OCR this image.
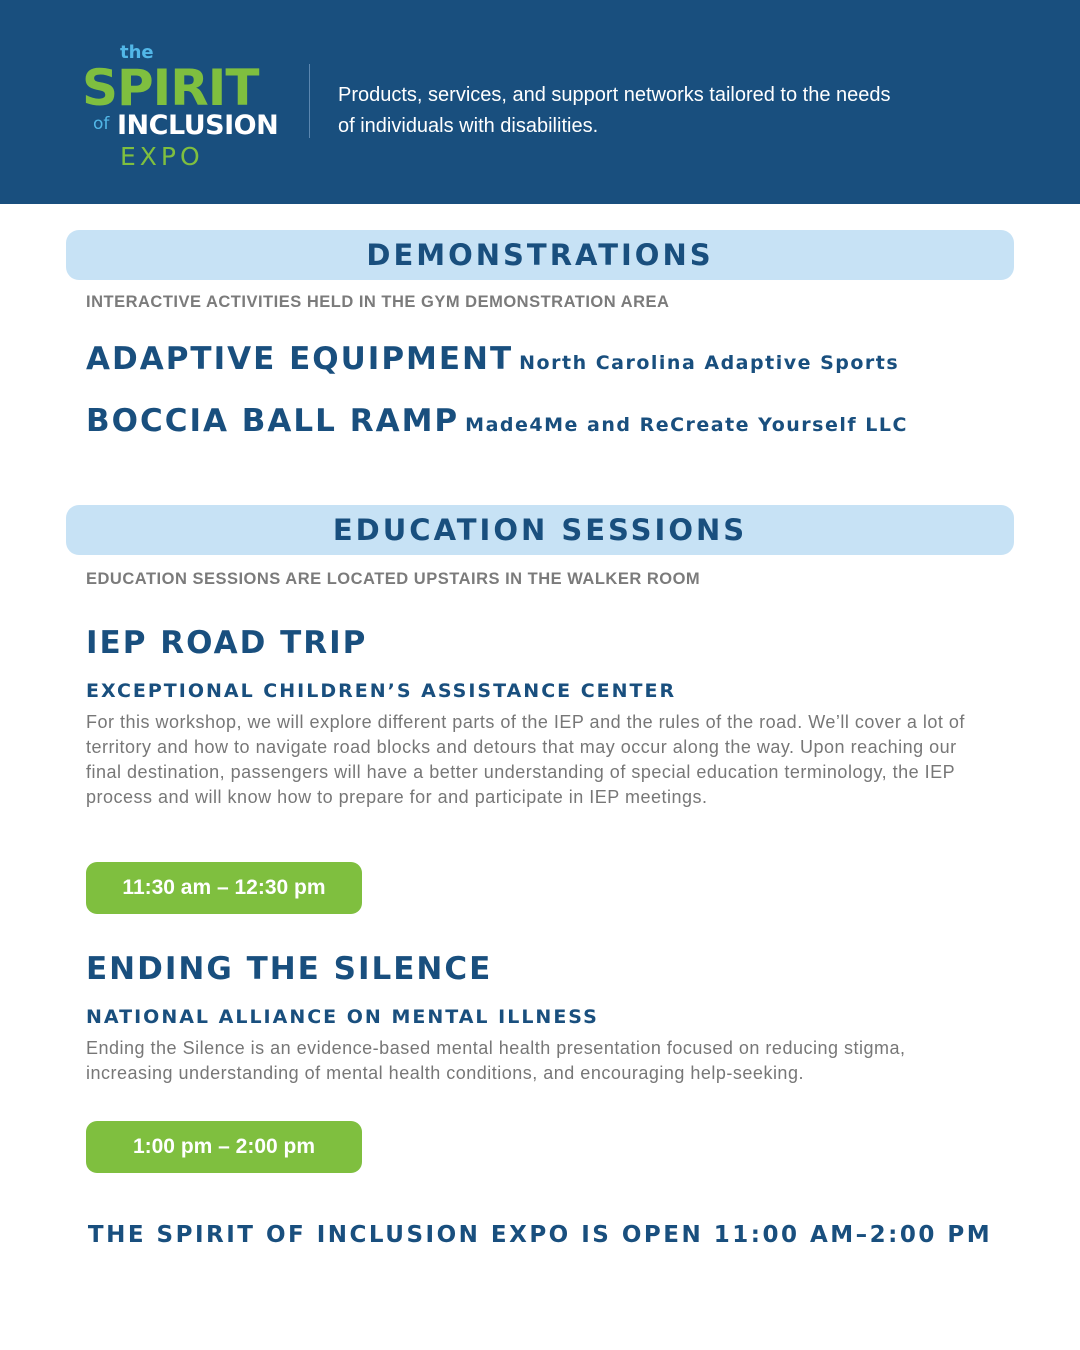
the
SPIRIT
of INCLUSION
EXPO
Products, services, and support networks tailored to the needs of individuals with disabilities.
DEMONSTRATIONS
INTERACTIVE ACTIVITIES HELD IN THE GYM DEMONSTRATION AREA
ADAPTIVE EQUIPMENT North Carolina Adaptive Sports
BOCCIA BALL RAMP Made4Me and ReCreate Yourself LLC
EDUCATION SESSIONS
EDUCATION SESSIONS ARE LOCATED UPSTAIRS IN THE WALKER ROOM
IEP ROAD TRIP
EXCEPTIONAL CHILDREN’S ASSISTANCE CENTER
For this workshop, we will explore different parts of the IEP and the rules of the road. We’ll cover a lot of territory and how to navigate road blocks and detours that may occur along the way. Upon reaching our final destination, passengers will have a better understanding of special education terminology, the IEP process and will know how to prepare for and participate in IEP meetings.
11:30 am – 12:30 pm
ENDING THE SILENCE
NATIONAL ALLIANCE ON MENTAL ILLNESS
Ending the Silence is an evidence-based mental health presentation focused on reducing stigma, increasing understanding of mental health conditions, and encouraging help-seeking.
1:00 pm – 2:00 pm
THE SPIRIT OF INCLUSION EXPO IS OPEN 11:00 AM–2:00 PM
